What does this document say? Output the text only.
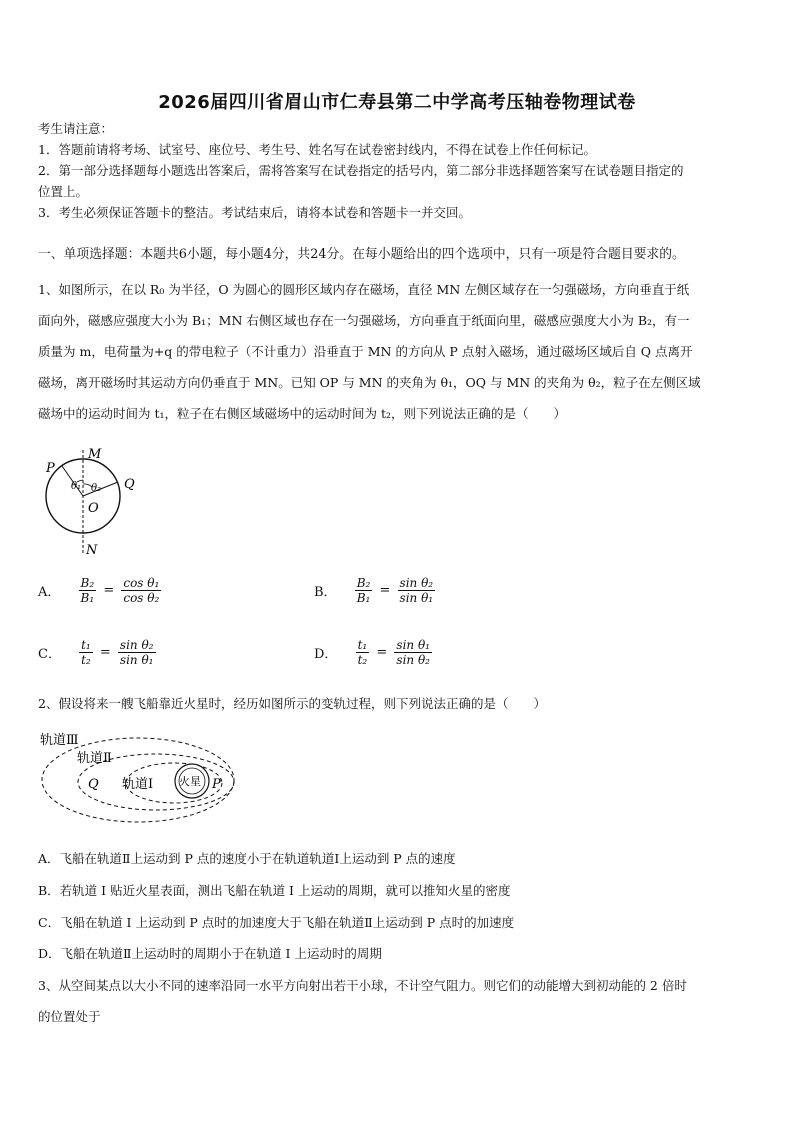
2026届四川省眉山市仁寿县第二中学高考压轴卷物理试卷
考生请注意：
1．答题前请将考场、试室号、座位号、考生号、姓名写在试卷密封线内，不得在试卷上作任何标记。
2．第一部分选择题每小题选出答案后，需将答案写在试卷指定的括号内，第二部分非选择题答案写在试卷题目指定的
位置上。
3．考生必须保证答题卡的整洁。考试结束后，请将本试卷和答题卡一并交回。
一、单项选择题：本题共6小题，每小题4分，共24分。在每小题给出的四个选项中，只有一项是符合题目要求的。
1、如图所示，在以 R₀ 为半径，O 为圆心的圆形区域内存在磁场，直径 MN 左侧区域存在一匀强磁场，方向垂直于纸
面向外，磁感应强度大小为 B₁；MN 右侧区域也存在一匀强磁场，方向垂直于纸面向里，磁感应强度大小为 B₂，有一
质量为 m，电荷量为+q 的带电粒子（不计重力）沿垂直于 MN 的方向从 P 点射入磁场，通过磁场区域后自 Q 点离开
磁场，离开磁场时其运动方向仍垂直于 MN。已知 OP 与 MN 的夹角为 θ₁，OQ 与 MN 的夹角为 θ₂，粒子在左侧区域
磁场中的运动时间为 t₁，粒子在右侧区域磁场中的运动时间为 t₂，则下列说法正确的是（　　）
P
M
Q
O
N
θ₁ θ₂
A． $\frac{\text{B₂}}{\text{B₁}} = \frac{\text{cos θ₁}}{\text{cos θ₂}}$	B． $\frac{\text{B₂}}{\text{B₁}} = \frac{\text{sin θ₂}}{\text{sin θ₁}}$
C． $\frac{\text{t₁}}{\text{t₂}} = \frac{\text{sin θ₂}}{\text{sin θ₁}}$	D． $\frac{\text{t₁}}{\text{t₂}} = \frac{\text{sin θ₁}}{\text{sin θ₂}}$
2、假设将来一艘飞船靠近火星时，经历如图所示的变轨过程，则下列说法正确的是（　　）
轨道Ⅲ
轨道Ⅱ
轨道Ⅰ
Q	P
火星
A．飞船在轨道Ⅱ上运动到 P 点的速度小于在轨道轨道Ⅰ上运动到 P 点的速度
B．若轨道 I 贴近火星表面，测出飞船在轨道 I 上运动的周期，就可以推知火星的密度
C．飞船在轨道 I 上运动到 P 点时的加速度大于飞船在轨道Ⅱ上运动到 P 点时的加速度
D．飞船在轨道Ⅱ上运动时的周期小于在轨道 I 上运动时的周期
3、从空间某点以大小不同的速率沿同一水平方向射出若干小球，不计空气阻力。则它们的动能增大到初动能的 2 倍时
的位置处于
